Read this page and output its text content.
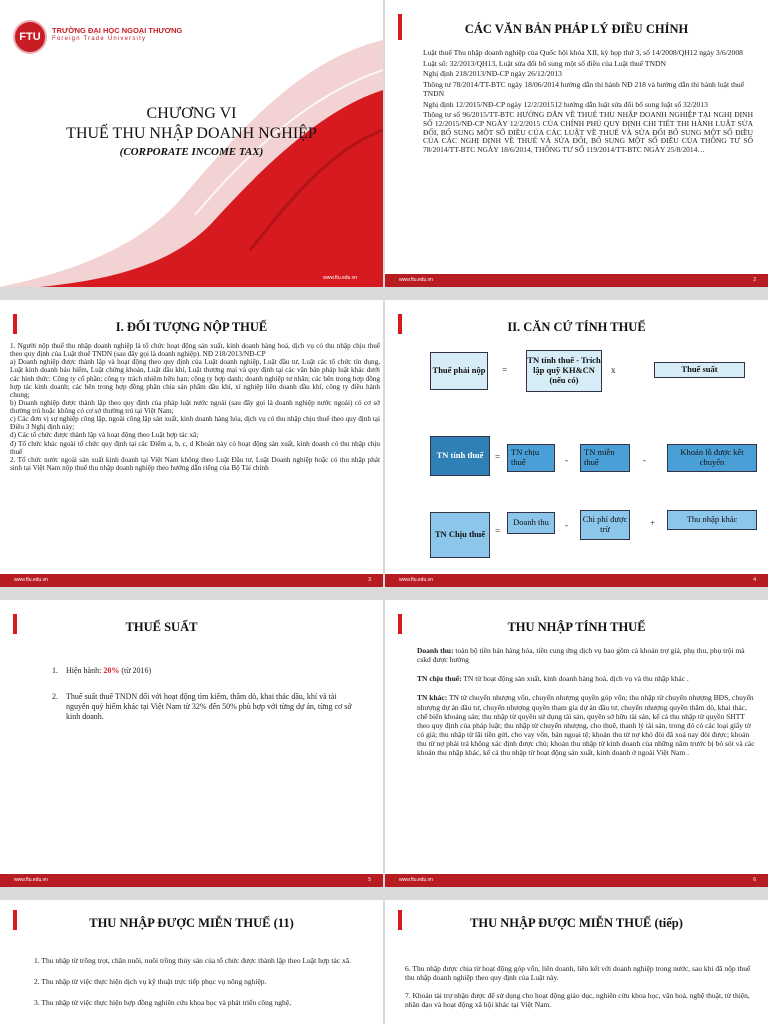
FTU
TRƯỜNG ĐẠI HỌC NGOẠI THƯƠNG
Foreign Trade University
CHƯƠNG VI
THUẾ THU NHẬP DOANH NGHIỆP
(CORPORATE INCOME TAX)
www.ftu.edu.vn
CÁC VĂN BẢN PHÁP LÝ ĐIỀU CHỈNH
Luật thuế Thu nhập doanh nghiệp của Quốc hội khóa XII, kỳ họp thứ 3, số 14/2008/QH12 ngày 3/6/2008
Luật số: 32/2013/QH13, Luật sửa đổi bổ sung một số điều của Luật thuế TNDN
Nghị định 218/2013/NĐ-CP ngày 26/12/2013
Thông tư 78/2014/TT-BTC ngày 18/06/2014 hướng dẫn thi hành NĐ 218 và hướng dẫn thi hành luật thuế TNDN
Nghị định 12/2015/NĐ-CP ngày 12/2/201512 hướng dẫn luật sửa đổi bổ sung luật số 32/2013
Thông tư số 96/2015/TT-BTC HƯỚNG DẪN VỀ THUẾ THU NHẬP DOANH NGHIỆP TẠI NGHỊ ĐỊNH SỐ 12/2015/NĐ-CP NGÀY 12/2/2015 CỦA CHÍNH PHỦ QUY ĐỊNH CHI TIẾT THI HÀNH LUẬT SỬA ĐỔI, BỔ SUNG MỘT SỐ ĐIỀU CỦA CÁC LUẬT VỀ THUẾ VÀ SỬA ĐỔI BỔ SUNG MỘT SỐ ĐIỀU CỦA CÁC NGHỊ ĐỊNH VỀ THUẾ VÀ SỬA ĐỔI, BỔ SUNG MỘT SỐ ĐIỀU CỦA THÔNG TƯ SỐ 78/2014/TT-BTC NGÀY 18/6/2014, THÔNG TƯ SỐ 119/2014/TT-BTC NGÀY 25/8/2014…
www.ftu.edu.vn	2
I. ĐỐI TƯỢNG NỘP THUẾ
1. Người nộp thuế thu nhập doanh nghiệp là tổ chức hoạt động sản xuất, kinh doanh hàng hoá, dịch vụ có thu nhập chịu thuế theo quy định của Luật thuế TNDN (sau đây gọi là doanh nghiệp). NĐ 218/2013/NĐ-CP
a) Doanh nghiệp được thành lập và hoạt động theo quy định của Luật doanh nghiệp, Luật đầu tư, Luật các tổ chức tín dụng, Luật kinh doanh bảo hiểm, Luật chứng khoán, Luật dầu khí, Luật thương mại và quy định tại các văn bản pháp luật khác dưới các hình thức: Công ty cổ phần; công ty trách nhiệm hữu hạn; công ty hợp danh; doanh nghiệp tư nhân; các bên trong hợp đồng hợp tác kinh doanh; các bên trong hợp đồng phân chia sản phẩm dầu khí, xí nghiệp liên doanh dầu khí, công ty điều hành chung;
b) Doanh nghiệp được thành lập theo quy định của pháp luật nước ngoài (sau đây gọi là doanh nghiệp nước ngoài) có cơ sở thường trú hoặc không có cơ sở thường trú tại Việt Nam;
c) Các đơn vị sự nghiệp công lập, ngoài công lập sản xuất, kinh doanh hàng hóa, dịch vụ có thu nhập chịu thuế theo quy định tại Điều 3 Nghị định này;
d) Các tổ chức được thành lập và hoạt động theo Luật hợp tác xã;
đ) Tổ chức khác ngoài tổ chức quy định tại các Điểm a, b, c, d Khoản này có hoạt động sản xuất, kinh doanh có thu nhập chịu thuế
2. Tổ chức nước ngoài sản xuất kinh doanh tại Việt Nam không theo Luật Đầu tư, Luật Doanh nghiệp hoặc có thu nhập phát sinh tại Việt Nam nộp thuế thu nhập doanh nghiệp theo hướng dẫn riêng của Bộ Tài chính
www.ftu.edu.vn	3
II. CĂN CỨ TÍNH THUẾ
Thuế phải nộp =
TN tính thuế - Trích lập quỹ KH&CN (nếu có)
x	Thuế suất
TN tính thuế	=	TN chịu thuế	-
TN miễn thuế	-
Khoản lỗ được kết chuyển
TN Chịu thuế	=
Doanh thu	-
Chi phí được trừ
+	Thu nhập khác
www.ftu.edu.vn	4
THUẾ SUẤT
1. Hiện hành: 20% (từ 2016)
2. Thuế suất thuế TNDN đối với hoạt động tìm kiếm, thăm dò, khai thác dầu, khí và tài nguyên quý hiếm khác tại Việt Nam từ 32% đến 50% phù hợp với từng dự án, từng cơ sở kinh doanh.
www.ftu.edu.vn	5
THU NHẬP TÍNH THUẾ
Doanh thu: toàn bộ tiền bán hàng hóa, tiền cung ứng dịch vụ bao gồm cả khoản trợ giá, phụ thu, phụ trội mà cskd được hưởng
TN chịu thuế: TN từ hoạt động sản xuất, kinh doanh hàng hoá, dịch vụ và thu nhập khác .
TN khác: TN từ chuyển nhượng vốn, chuyển nhượng quyền góp vốn; thu nhập từ chuyển nhượng BĐS, chuyển nhượng dự án đầu tư, chuyển nhượng quyền tham gia dự án đầu tư, chuyển nhượng quyền thăm dò, khai thác, chế biến khoáng sản; thu nhập từ quyền sử dụng tài sản, quyền sở hữu tài sản, kể cả thu nhập từ quyền SHTT theo quy định của pháp luật; thu nhập từ chuyển nhượng, cho thuê, thanh lý tài sản, trong đó có các loại giấy tờ có giá; thu nhập từ lãi tiền gửi, cho vay vốn, bán ngoại tệ; khoản thu từ nợ khó đòi đã xoá nay đòi được; khoản thu từ nợ phải trả không xác định được chủ; khoản thu nhập từ kinh doanh của những năm trước bị bỏ sót và các khoản thu nhập khác, kể cả thu nhập từ hoạt động sản xuất, kinh doanh ở ngoài Việt Nam .
www.ftu.edu.vn	6
THU NHẬP ĐƯỢC MIỄN THUẾ (11)
1. Thu nhập từ trồng trọt, chăn nuôi, nuôi trồng thủy sản của tổ chức được thành lập theo Luật hợp tác xã.
2. Thu nhập từ việc thực hiện dịch vụ kỹ thuật trực tiếp phục vụ nông nghiệp.
3. Thu nhập từ việc thực hiện hợp đồng nghiên cứu khoa học và phát triển công nghệ,
THU NHẬP ĐƯỢC MIỄN THUẾ (tiếp)
6. Thu nhập được chia từ hoạt động góp vốn, liên doanh, liên kết với doanh nghiệp trong nước, sau khi đã nộp thuế thu nhập doanh nghiệp theo quy định của Luật này.
7. Khoản tài trợ nhận được để sử dụng cho hoạt động giáo dục, nghiên cứu khoa học, văn hoá, nghệ thuật, từ thiện, nhân đạo và hoạt động xã hội khác tại Việt Nam.
